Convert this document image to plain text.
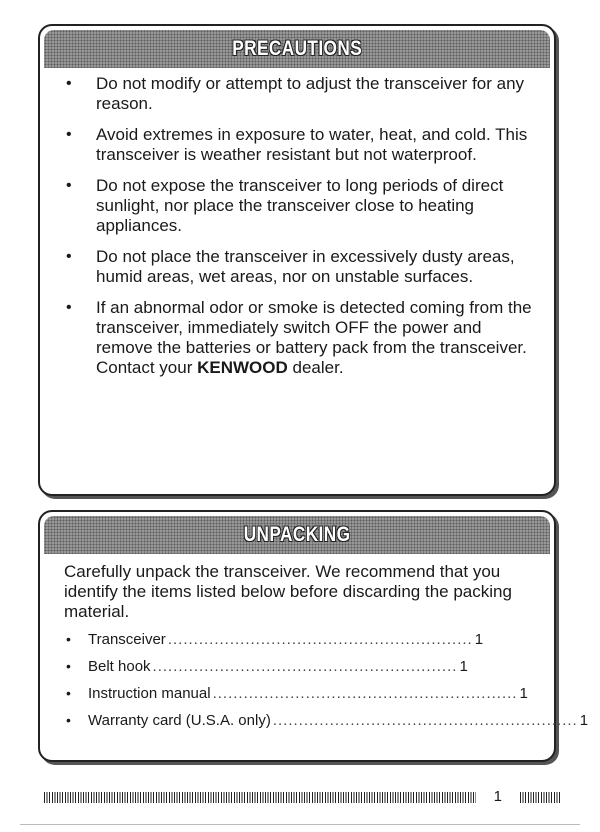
PRECAUTIONS
• Do not modify or attempt to adjust the transceiver for any reason.
• Avoid extremes in exposure to water, heat, and cold. This transceiver is weather resistant but not waterproof.
• Do not expose the transceiver to long periods of direct sunlight, nor place the transceiver close to heating appliances.
• Do not place the transceiver in excessively dusty areas, humid areas, wet areas, nor on unstable surfaces.
• If an abnormal odor or smoke is detected coming from the transceiver, immediately switch OFF the power and remove the batteries or battery pack from the transceiver. Contact your KENWOOD dealer.
UNPACKING

Carefully unpack the transceiver. We recommend that you identify the items listed below before discarding the packing material.

• Transceiver ........................................................... 1
• Belt hook ........................................................... 1
• Instruction manual ........................................................... 1
• Warranty card (U.S.A. only) ........................................................... 1
1
